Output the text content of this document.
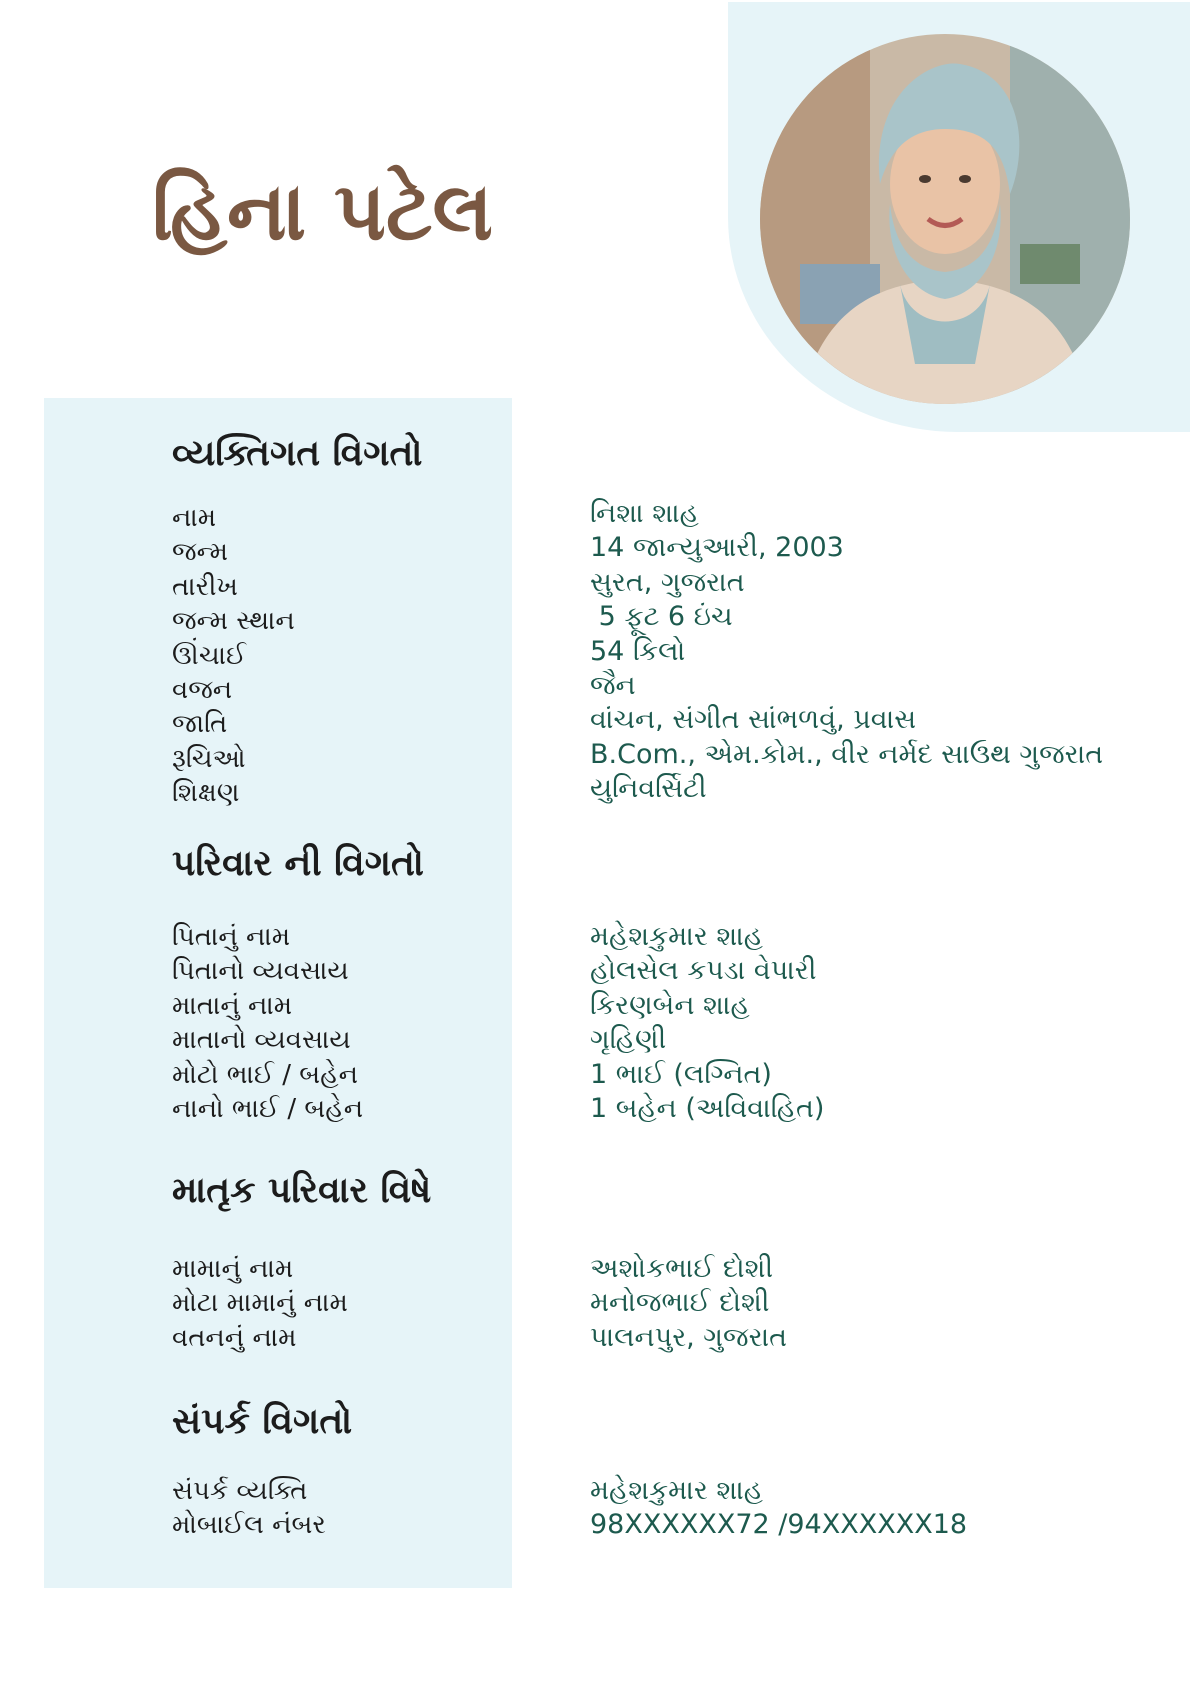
હિના પટેલ
વ્યક્તિગત વિગતો
નામ
જન્મ
તારીખ
જન્મ સ્થાન
ઊંચાઈ
વજન
જાતિ
રૂચિઓ
શિક્ષણ
નિશા શાહ
14 જાન્યુઆરી, 2003
સુરત, ગુજરાત
5 ફૂટ 6 ઇંચ
54 કિલો
જૈન
વાંચન, સંગીત સાંભળવું, પ્રવાસ
B.Com., એમ.કોમ., વીર નર્મદ સાઉથ ગુજરાત
યુનિવર્સિટી
પરિવાર ની વિગતો
પિતાનું નામ
પિતાનો વ્યવસાય
માતાનું નામ
માતાનો વ્યવસાય
મોટો ભાઈ / બહેન
નાનો ભાઈ / બહેન
મહેશકુમાર શાહ
હોલસેલ કપડા વેપારી
કિરણબેન શાહ
ગૃહિણી
1 ભાઈ (લગ્નિત)
1 બહેન (અવિવાહિત)
માતૃક પરિવાર વિષે
મામાનું નામ
મોટા મામાનું નામ
વતનનું નામ
અશોકભાઈ દોશી
મનોજભાઈ દોશી
પાલનપુર, ગુજરાત
સંપર્ક વિગતો
સંપર્ક વ્યક્તિ
મોબાઈલ નંબર
મહેશકુમાર શાહ
98XXXXXX72 /94XXXXXX18
